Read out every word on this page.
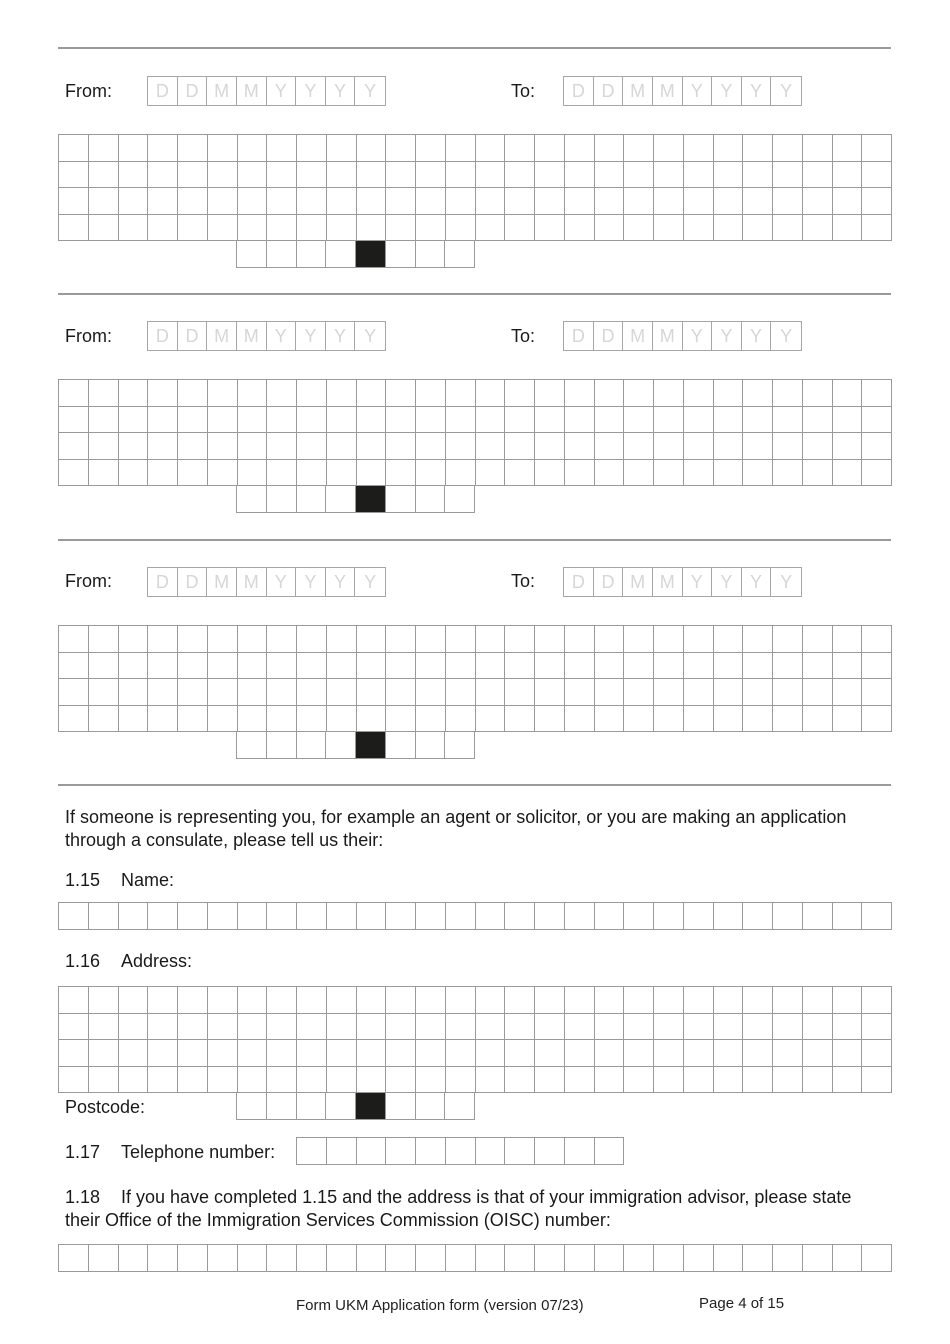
From:	D D M M Y Y Y	Y	To:	D D M M Y Y Y	Y
From:	D D M M Y Y Y	Y	To:	D D M M Y Y Y	Y
From:	D D M M Y Y Y	Y	To:	D D M M Y Y Y	Y
If someone is representing you, for example an agent or solicitor, or you are making an application through a consulate, please tell us their:
1.15 Name:
1.16 Address:
Postcode:
1.17 Telephone number:
1.18 If you have completed 1.15 and the address is that of your immigration advisor, please state their Office of the Immigration Services Commission (OISC) number:
Form UKM Application form (version 07/23)	Page 4 of 15
